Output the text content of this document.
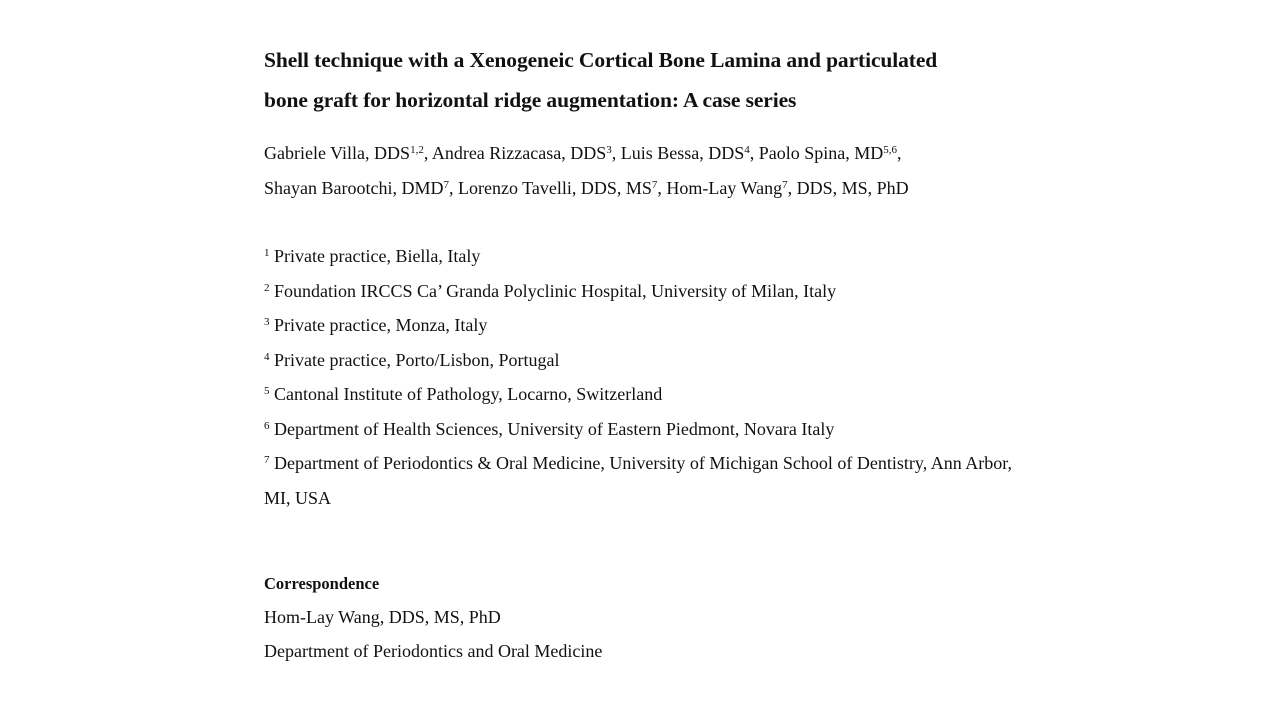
Shell technique with a Xenogeneic Cortical Bone Lamina and particulated
bone graft for horizontal ridge augmentation: A case series

Gabriele Villa, DDS$^{1,2}$, Andrea Rizzacasa, DDS$^3$, Luis Bessa, DDS$^4$, Paolo Spina, MD$^{5,6}$,
Shayan Barootchi, DMD$^7$, Lorenzo Tavelli, DDS, $MS^7$, Hom-Lay Wang$^7$, DDS, MS, PhD

$^1$ Private practice, Biella, Italy

$^2$ Foundation IRCCS Ca’ Granda Polyclinic Hospital, University of Milan, Italy

$^3$ Private practice, Monza, Italy

$^4$ Private practice, Porto/Lisbon, Portugal

$^5$ Cantonal Institute of Pathology, Locarno, Switzerland

$^6$ Department of Health Sciences, University of Eastern Piedmont, Novara Italy

$^7$ Department of Periodontics & Oral Medicine, University of Michigan School of Dentistry, Ann Arbor, MI, USA

Correspondence

Hom-Lay Wang, DDS, MS, PhD

Department of Periodontics and Oral Medicine
